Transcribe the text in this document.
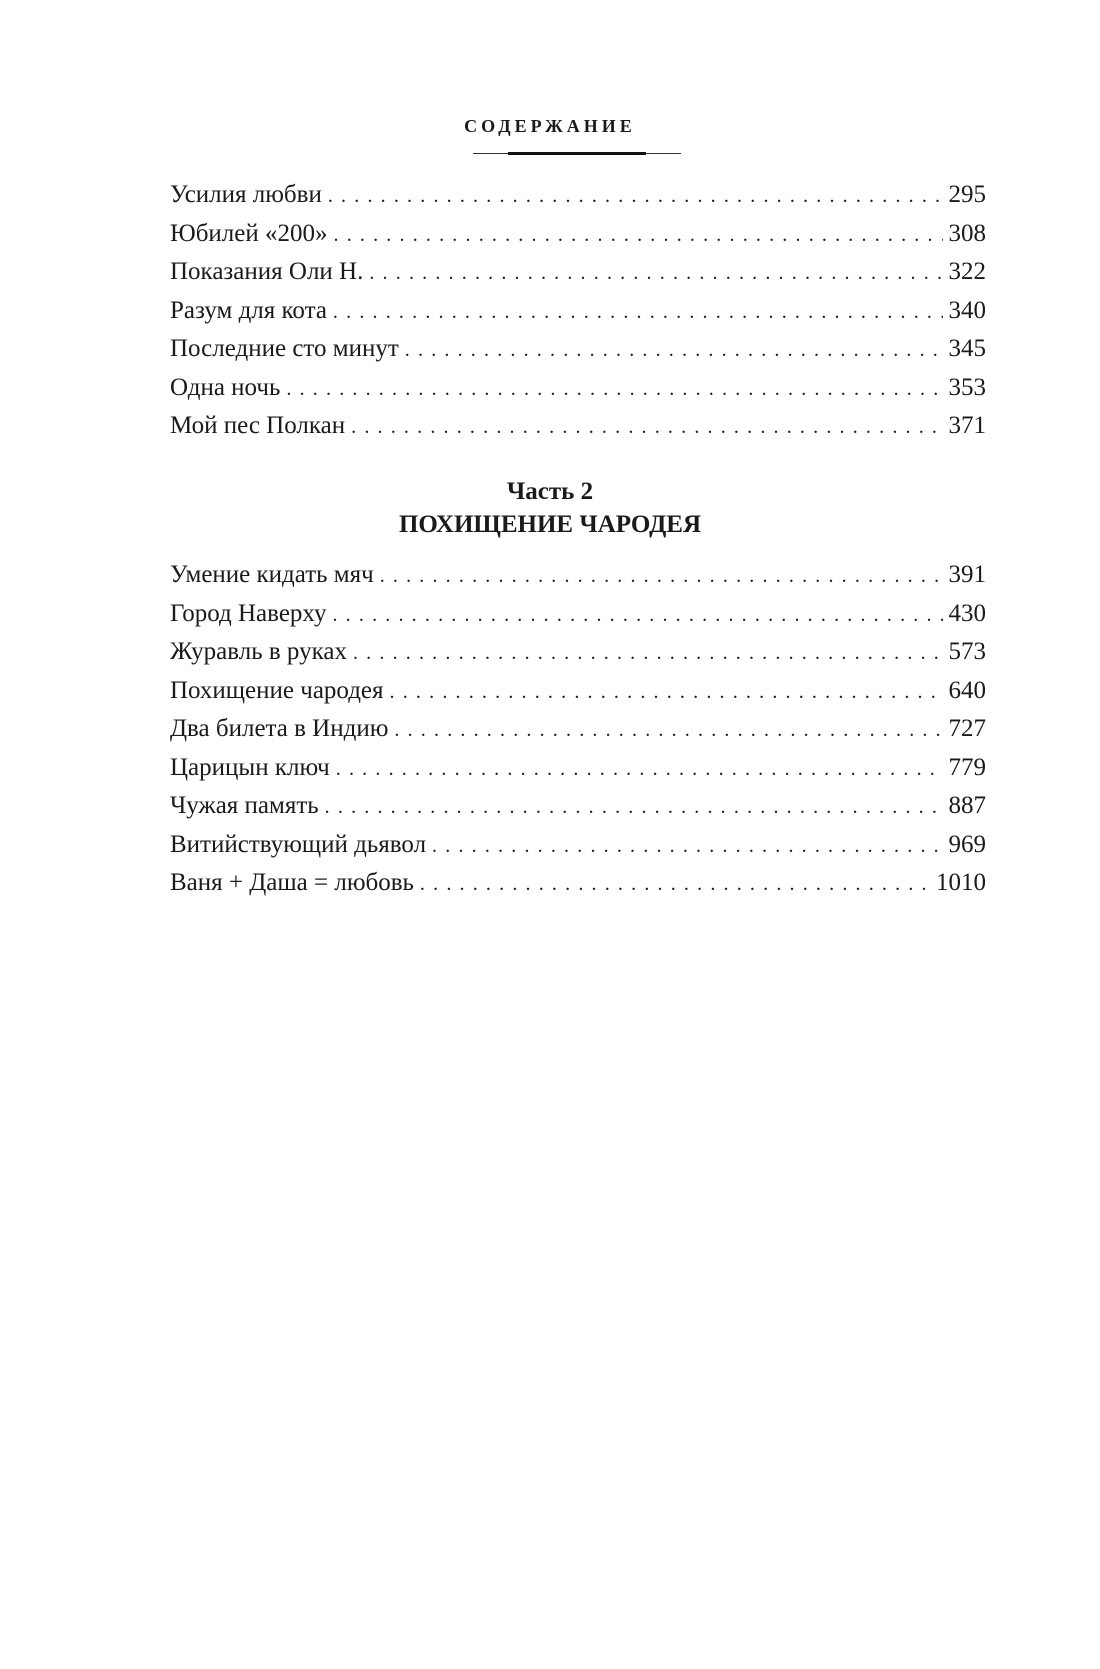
СОДЕРЖАНИЕ
Усилия любви . . .	295
Юбилей «200» . . .	308
Показания Оли Н. . . .	322
Разум для кота . . .	340
Последние сто минут . . .	345
Одна ночь . . .	353
Мой пес Полкан . . .	371
Часть 2
ПОХИЩЕНИЕ ЧАРОДЕЯ
Умение кидать мяч . . .	391
Город Наверху . . .	430
Журавль в руках . . .	573
Похищение чародея . . .	640
Два билета в Индию . . .	727
Царицын ключ . . .	779
Чужая память . . .	887
Витийствующий дьявол . . .	969
Ваня + Даша = любовь . . .	1010
